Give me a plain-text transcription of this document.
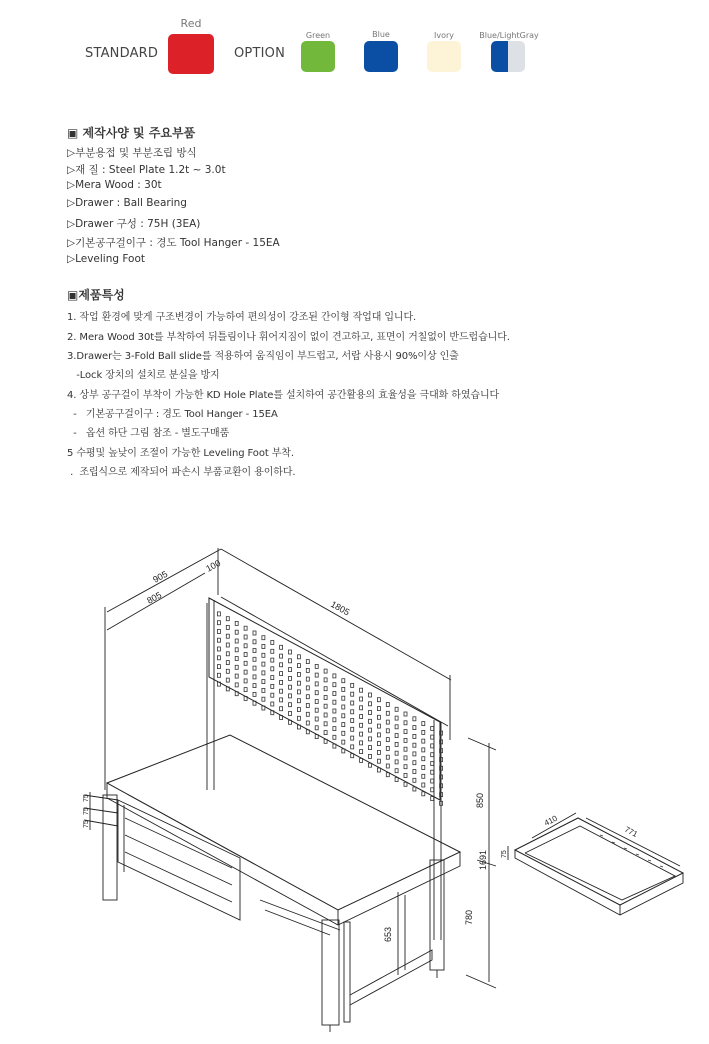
STANDARD
Red
OPTION
Green	Blue	Ivory	Blue/LightGray
▣ 제작사양 및 주요부품
▷부분용접 및 부분조립 방식
▷재 질 : Steel Plate 1.2t ~ 3.0t
▷Mera Wood : 30t
▷Drawer : Ball Bearing
▷Drawer 구성 : 75H (3EA)
▷기본공구걸이구 : 경도 Tool Hanger - 15EA
▷Leveling Foot
▣제품특성
1. 작업 환경에 맞게 구조변경이 가능하여 편의성이 강조된 간이형 작업대 입니다.
2. Mera Wood 30t를 부착하여 뒤틀림이나 휘어지짐이 없이 견고하고, 표면이 거칠없이 반드럽습니다.
3.Drawer는 3-Fold Ball slide를 적용하여 움직임이 부드럽고, 서랍 사용시 90%이상 인출
-Lock 장치의 설치로 분실을 방지
4. 상부 공구걸이 부착이 가능한 KD Hole Plate를 설치하여 공간활용의 효율성을 극대화 하였습니다
-   기본공구걸이구 : 경도 Tool Hanger - 15EA
-   옵션 하단 그림 참조 - 별도구매품
5 수평및 높낮이 조절이 가능한 Leveling Foot 부착.
.  조립식으로 제작되어 파손시 부품교환이 용이하다.
905
805
100
1805
850
1691
780
653
75
75
75	410
771
75
